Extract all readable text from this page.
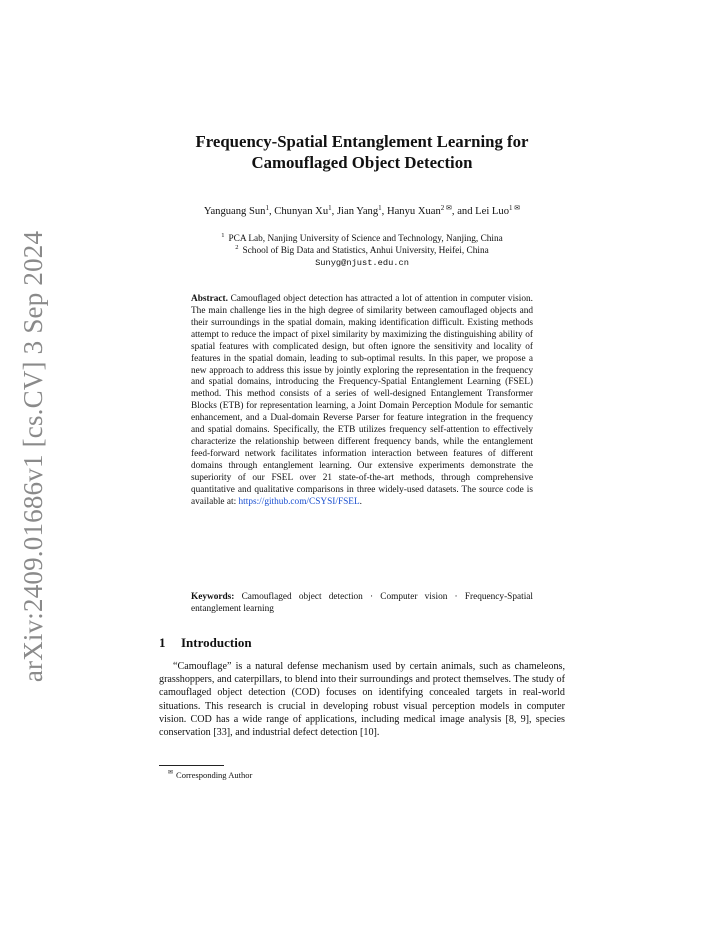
arXiv:2409.01686v1 [cs.CV] 3 Sep 2024
Frequency-Spatial Entanglement Learning for
Camouflaged Object Detection
Yanguang Sun$^1$, Chunyan Xu$^1$, Jian Yang$^1$, Hanyu Xuan$^{2 ✉}$, and Lei Luo$^{1 ✉}$
$^1$ PCA Lab, Nanjing University of Science and Technology, Nanjing, China
$^2$ School of Big Data and Statistics, Anhui University, Heifei, China
Sunyg@njust.edu.cn

Abstract. Camouflaged object detection has attracted a lot of attention in computer vision. The main challenge lies in the high degree of similarity between camouflaged objects and their surroundings in the spatial domain, making identification difficult. Existing methods attempt to reduce the impact of pixel similarity by maximizing the distinguishing ability of spatial features with complicated design, but often ignore the sensitivity and locality of features in the spatial domain, leading to sub-optimal results. In this paper, we propose a new approach to address this issue by jointly exploring the representation in the frequency and spatial domains, introducing the Frequency-Spatial Entanglement Learning (FSEL) method. This method consists of a series of well-designed Entanglement Transformer Blocks (ETB) for representation learning, a Joint Domain Perception Module for semantic enhancement, and a Dual-domain Reverse Parser for feature integration in the frequency and spatial domains. Specifically, the ETB utilizes frequency self-attention to effectively characterize the relationship between different frequency bands, while the entanglement feed-forward network facilitates information interaction between features of different domains through entanglement learning. Our extensive experiments demonstrate the superiority of our FSEL over 21 state-of-the-art methods, through comprehensive quantitative and qualitative comparisons in three widely-used datasets. The source code is available at: https://github.com/CSYSI/FSEL.

Keywords: Camouflaged object detection · Computer vision · Frequency-Spatial entanglement learning

1 Introduction

“Camouflage” is a natural defense mechanism used by certain animals, such as chameleons, grasshoppers, and caterpillars, to blend into their surroundings and protect themselves. The study of camouflaged object detection (COD) focuses on identifying concealed targets in real-world situations. This research is crucial in developing robust visual perception models in computer vision. COD has a wide range of applications, including medical image analysis [8, 9], species conservation [33], and industrial defect detection [10].

✉ Corresponding Author
